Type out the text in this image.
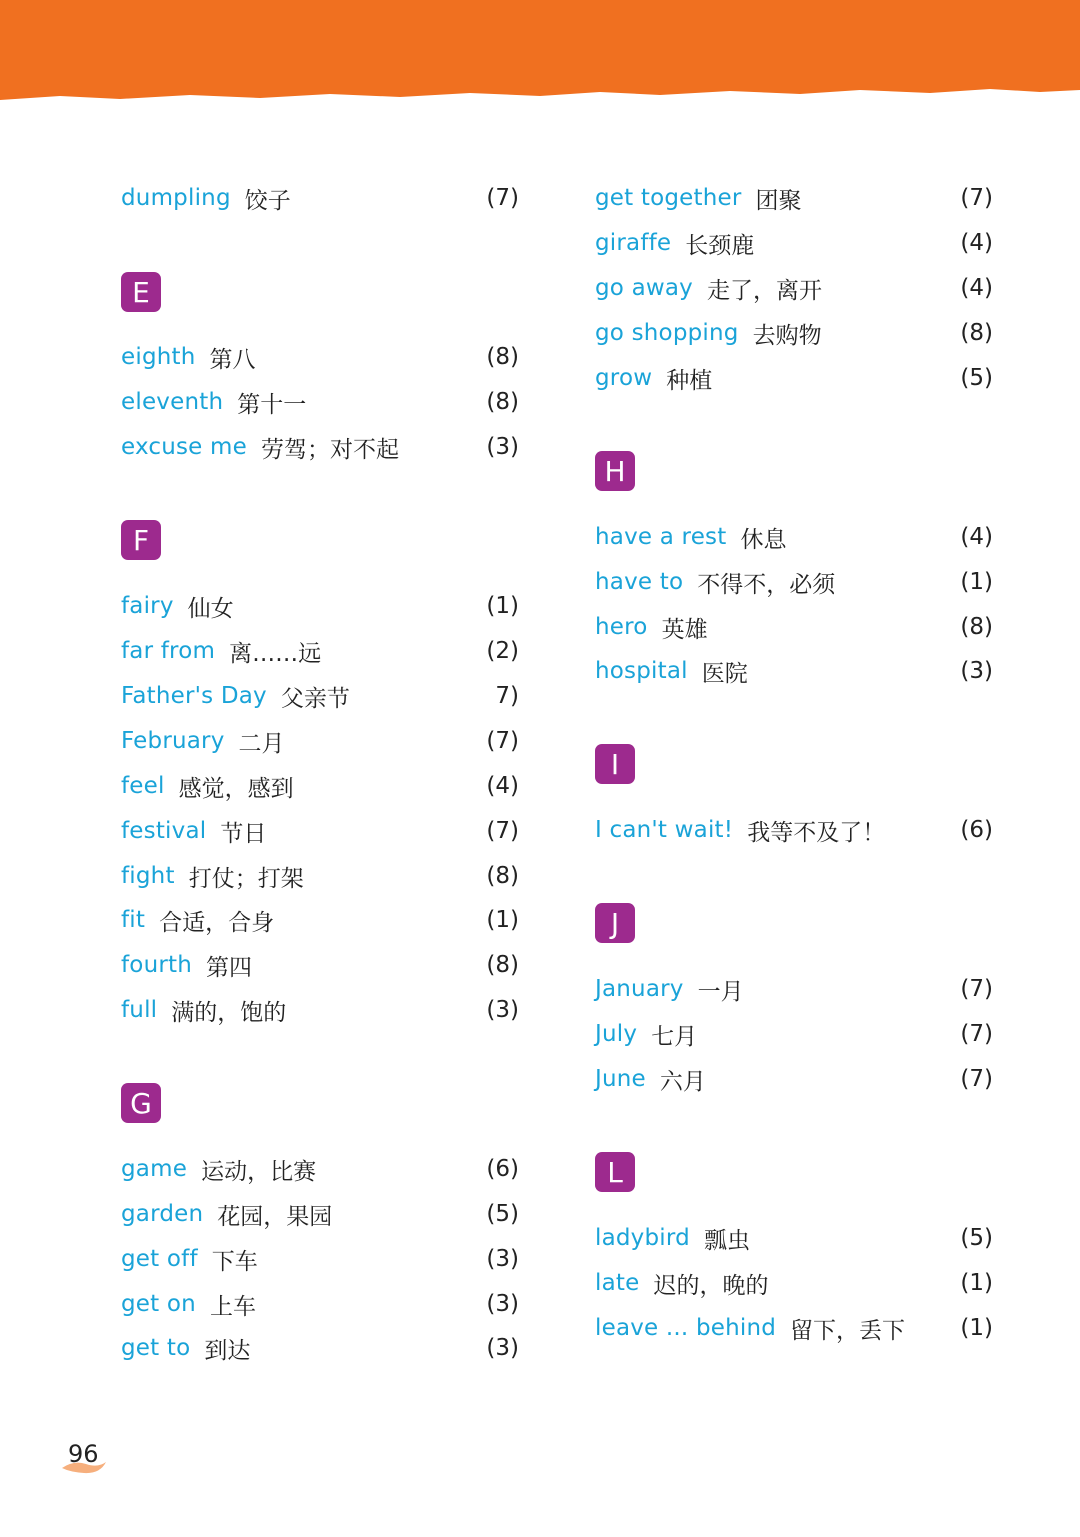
dumpling 饺子	(7)
E
eighth 第八	(8)
eleventh 第十一	(8)
excuse me 劳驾；对不起	(3)
F
fairy 仙女	(1)
far from 离……远	(2)
Father's Day 父亲节	7)
February 二月	(7)
feel 感觉，感到	(4)
festival 节日	(7)
fight 打仗；打架	(8)
fit 合适，合身	(1)
fourth 第四	(8)
full 满的，饱的	(3)
G
game 运动，比赛	(6)
garden 花园，果园	(5)
get off 下车	(3)
get on 上车	(3)
get to 到达	(3)
get together 团聚	(7)
giraffe 长颈鹿	(4)
go away 走了，离开	(4)
go shopping 去购物	(8)
grow 种植	(5)
H
have a rest 休息	(4)
have to 不得不，必须	(1)
hero 英雄	(8)
hospital 医院	(3)
I
I can't wait! 我等不及了！	(6)
J
January 一月	(7)
July 七月	(7)
June 六月	(7)
L
ladybird 瓢虫	(5)
late 迟的，晚的	(1)
leave ... behind 留下，丢下 (1)
96
